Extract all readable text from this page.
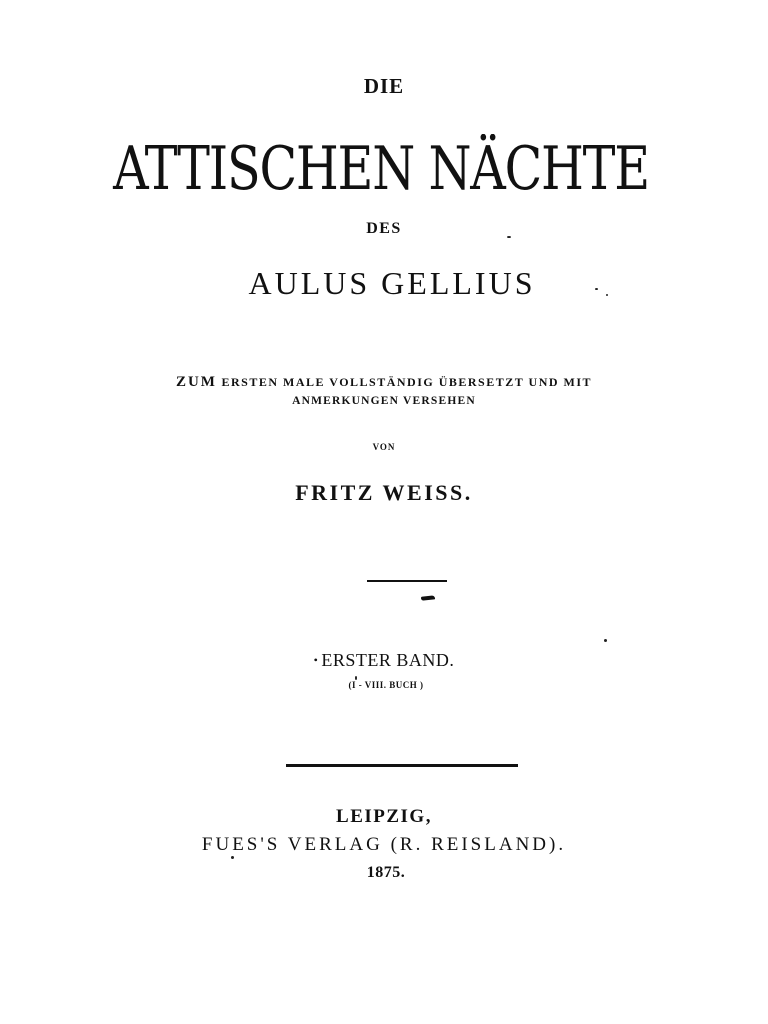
DIE
ATTISCHEN NÄCHTE
DES
AULUS GELLIUS
ZUM ERSTEN MALE VOLLSTÄNDIG ÜBERSETZT UND MIT
ANMERKUNGEN VERSEHEN
VON
FRITZ WEISS.
• ERSTER BAND.
(I - VIII. BUCH )
LEIPZIG,
FUES'S VERLAG (R. REISLAND).
1875.
